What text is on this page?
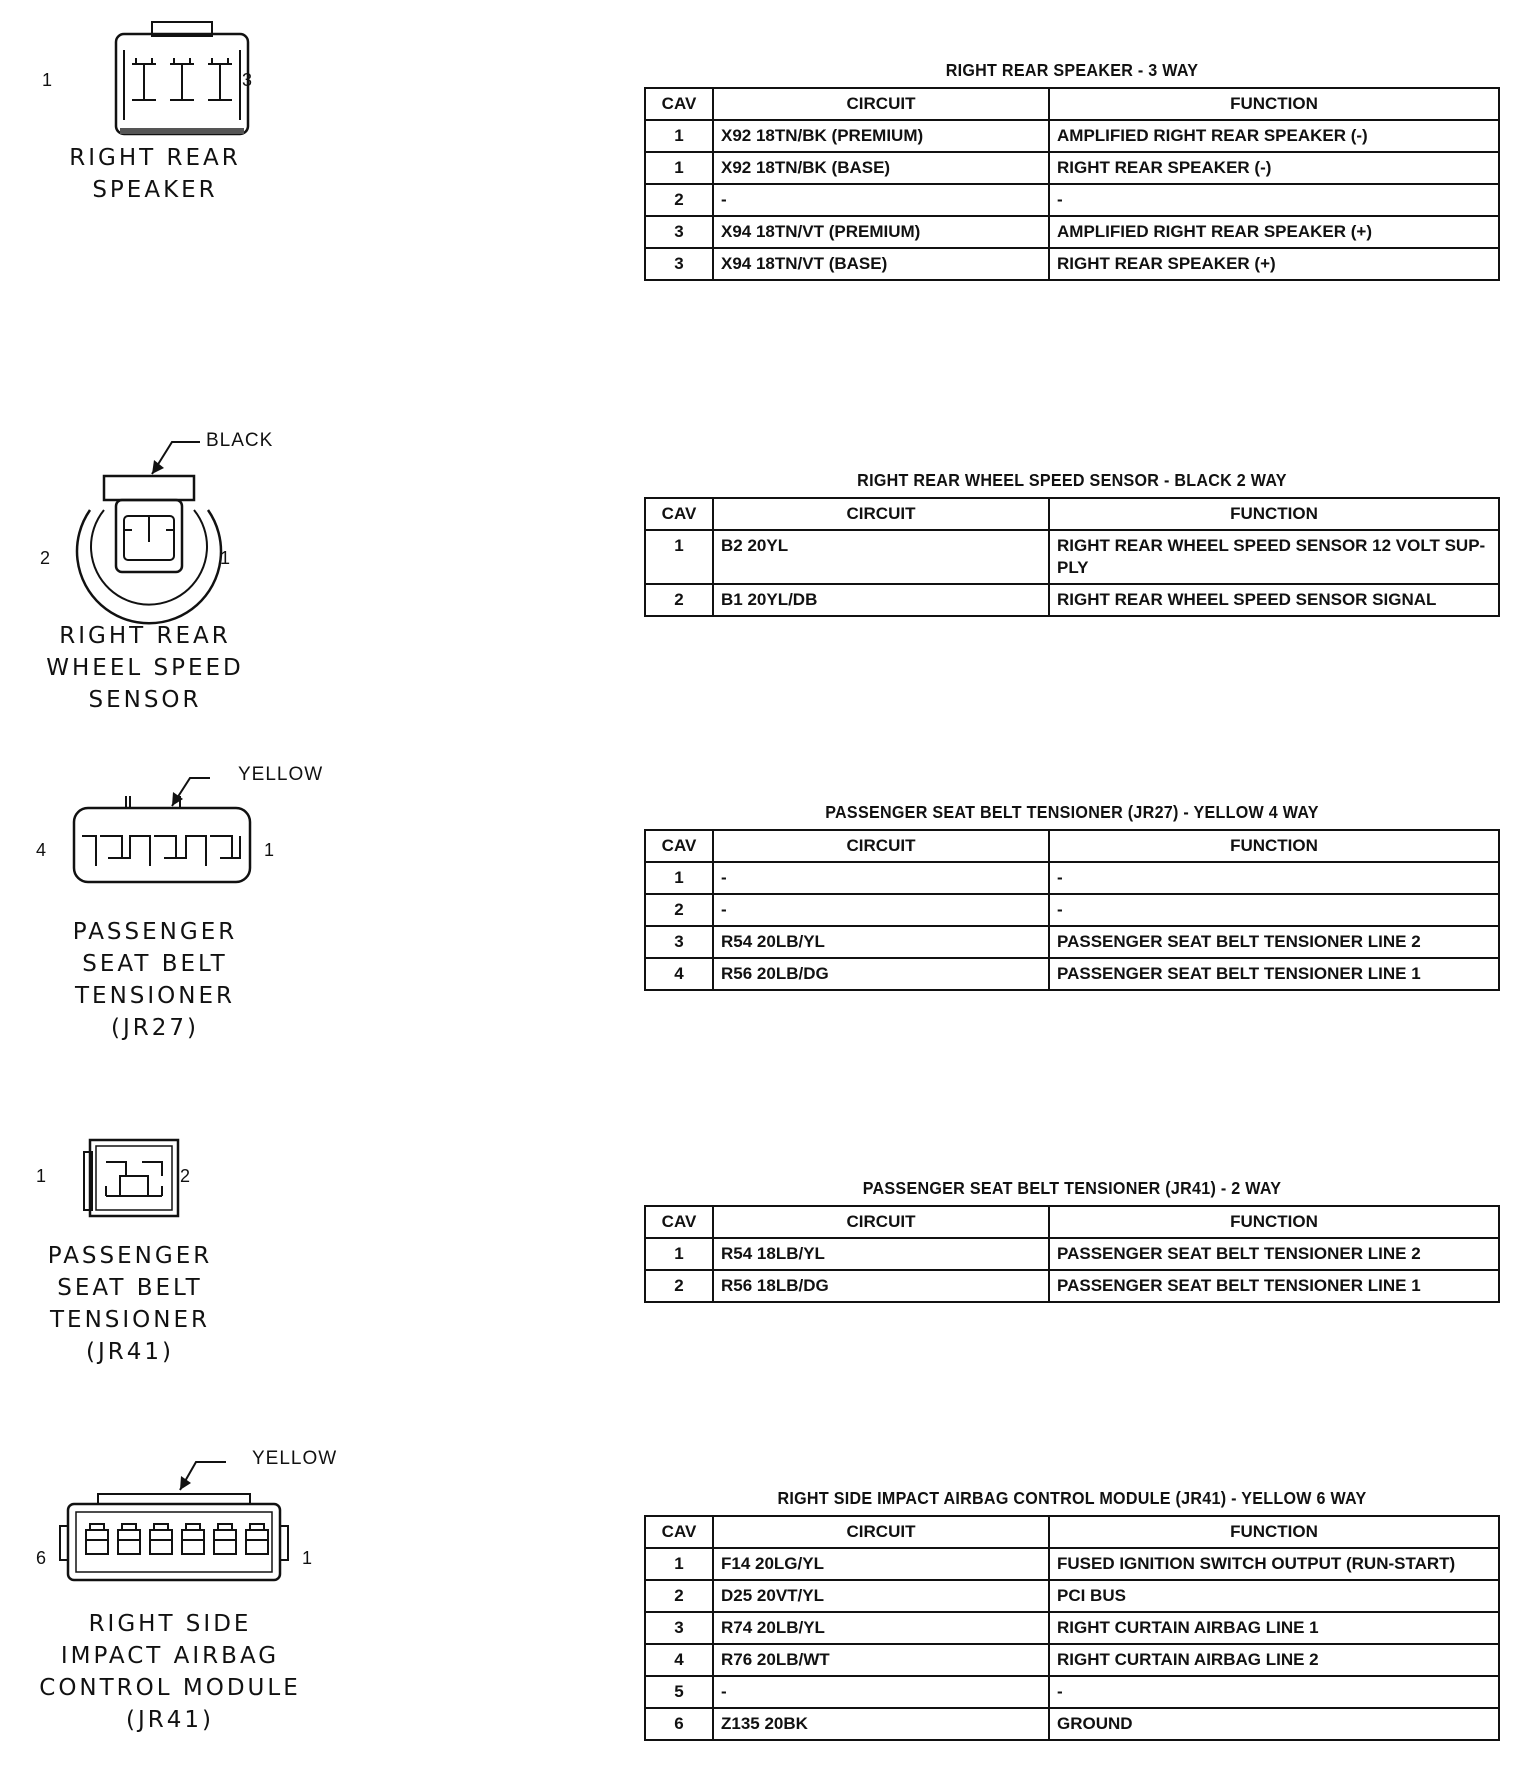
1	3
RIGHT REAR
SPEAKER
BLACK
2	1
RIGHT REAR
WHEEL SPEED
SENSOR
YELLOW
4	1
PASSENGER
SEAT BELT
TENSIONER
(JR27)
1	2
PASSENGER
SEAT BELT
TENSIONER
(JR41)
YELLOW
6	1
RIGHT SIDE
IMPACT AIRBAG
CONTROL MODULE
(JR41)
RIGHT REAR SPEAKER - 3 WAY
CAV	CIRCUIT	FUNCTION
1	X92 18TN/BK (PREMIUM)	AMPLIFIED RIGHT REAR SPEAKER (-)
1	X92 18TN/BK (BASE)	RIGHT REAR SPEAKER (-)
2	-	-
3	X94 18TN/VT (PREMIUM)	AMPLIFIED RIGHT REAR SPEAKER (+)
3	X94 18TN/VT (BASE)	RIGHT REAR SPEAKER (+)
RIGHT REAR WHEEL SPEED SENSOR - BLACK 2 WAY
CAV	CIRCUIT	FUNCTION
1	B2 20YL	RIGHT REAR WHEEL SPEED SENSOR 12 VOLT SUP-
PLY
2	B1 20YL/DB	RIGHT REAR WHEEL SPEED SENSOR SIGNAL
PASSENGER SEAT BELT TENSIONER (JR27) - YELLOW 4 WAY
CAV	CIRCUIT	FUNCTION
1	-	-
2	-	-
3	R54 20LB/YL	PASSENGER SEAT BELT TENSIONER LINE 2
4	R56 20LB/DG	PASSENGER SEAT BELT TENSIONER LINE 1
PASSENGER SEAT BELT TENSIONER (JR41) - 2 WAY
CAV	CIRCUIT	FUNCTION
1	R54 18LB/YL	PASSENGER SEAT BELT TENSIONER LINE 2
2	R56 18LB/DG	PASSENGER SEAT BELT TENSIONER LINE 1
RIGHT SIDE IMPACT AIRBAG CONTROL MODULE (JR41) - YELLOW 6 WAY
CAV	CIRCUIT	FUNCTION
1	F14 20LG/YL	FUSED IGNITION SWITCH OUTPUT (RUN-START)
2	D25 20VT/YL	PCI BUS
3	R74 20LB/YL	RIGHT CURTAIN AIRBAG LINE 1
4	R76 20LB/WT	RIGHT CURTAIN AIRBAG LINE 2
5	-	-
6	Z135 20BK	GROUND
